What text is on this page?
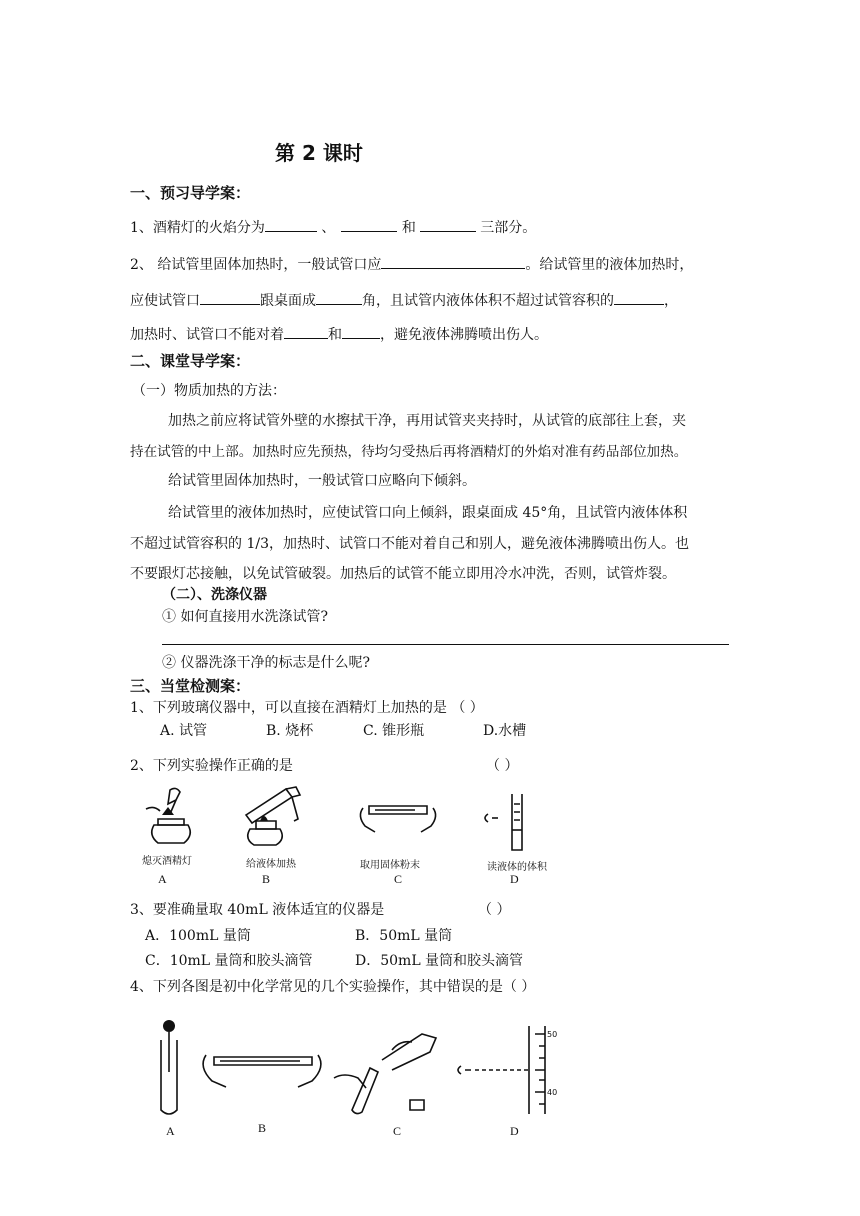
第 2 课时
一、预习导学案：
1、酒精灯的火焰分为	、	和	三部分。
2、 给试管里固体加热时，一般试管口应	。给试管里的液体加热时，
应使试管口	跟桌面成	角，且试管内液体体积不超过试管容积的	，
加热时、试管口不能对着	和	，避免液体沸腾喷出伤人。
二、课堂导学案：
（一）物质加热的方法：
加热之前应将试管外壁的水擦拭干净，再用试管夹夹持时，从试管的底部往上套，夹
持在试管的中上部。加热时应先预热，待均匀受热后再将酒精灯的外焰对准有药品部位加热。
给试管里固体加热时，一般试管口应略向下倾斜。
给试管里的液体加热时，应使试管口向上倾斜，跟桌面成 45°角，且试管内液体体积
不超过试管容积的 1/3，加热时、试管口不能对着自己和别人，避免液体沸腾喷出伤人。也
不要跟灯芯接触，以免试管破裂。加热后的试管不能立即用冷水冲洗，否则，试管炸裂。
（二）、洗涤仪器
① 如何直接用水洗涤试管?
② 仪器洗涤干净的标志是什么呢?
三、当堂检测案：
1、下列玻璃仪器中，可以直接在酒精灯上加热的是 （ ）
A. 试管	B. 烧杯	C. 锥形瓶	D.水槽
2、下列实验操作正确的是	（ ）
熄灭酒精灯
A
给液体加热
B
取用固体粉末
C
读液体的体积
D
3、要准确量取 40mL 液体适宜的仪器是	（ ）
A．100mL 量筒	B．50mL 量筒
C．10mL 量筒和胶头滴管	D．50mL 量筒和胶头滴管
4、下列各图是初中化学常见的几个实验操作，其中错误的是（ ）
A	B	C
50
40
D
